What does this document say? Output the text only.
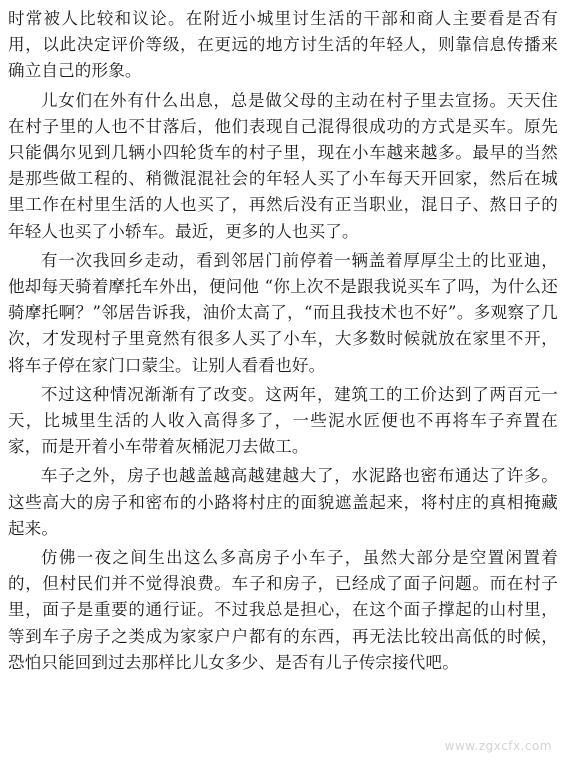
时常被人比较和议论。在附近小城里讨生活的干部和商人主要看是否有用，以此决定评价等级，在更远的地方讨生活的年轻人，则靠信息传播来确立自己的形象。

儿女们在外有什么出息，总是做父母的主动在村子里去宣扬。天天住在村子里的人也不甘落后，他们表现自己混得很成功的方式是买车。原先只能偶尔见到几辆小四轮货车的村子里，现在小车越来越多。最早的当然是那些做工程的、稍微混混社会的年轻人买了小车每天开回家，然后在城里工作在村里生活的人也买了，再然后没有正当职业，混日子、熬日子的年轻人也买了小轿车。最近，更多的人也买了。

有一次我回乡走动，看到邻居门前停着一辆盖着厚厚尘土的比亚迪，他却每天骑着摩托车外出，便问他 “你上次不是跟我说买车了吗，为什么还骑摩托啊？”邻居告诉我，油价太高了，“而且我技术也不好”。多观察了几次，才发现村子里竟然有很多人买了小车，大多数时候就放在家里不开，将车子停在家门口蒙尘。让别人看看也好。

不过这种情况渐渐有了改变。这两年，建筑工的工价达到了两百元一天，比城里生活的人收入高得多了，一些泥水匠便也不再将车子弃置在家，而是开着小车带着灰桶泥刀去做工。

车子之外，房子也越盖越高越建越大了，水泥路也密布通达了许多。这些高大的房子和密布的小路将村庄的面貌遮盖起来，将村庄的真相掩藏起来。

仿佛一夜之间生出这么多高房子小车子，虽然大部分是空置闲置着的，但村民们并不觉得浪费。车子和房子，已经成了面子问题。而在村子里，面子是重要的通行证。不过我总是担心，在这个面子撑起的山村里，等到车子房子之类成为家家户户都有的东西，再无法比较出高低的时候，恐怕只能回到过去那样比儿女多少、是否有儿子传宗接代吧。

www.zgxcfx.com
